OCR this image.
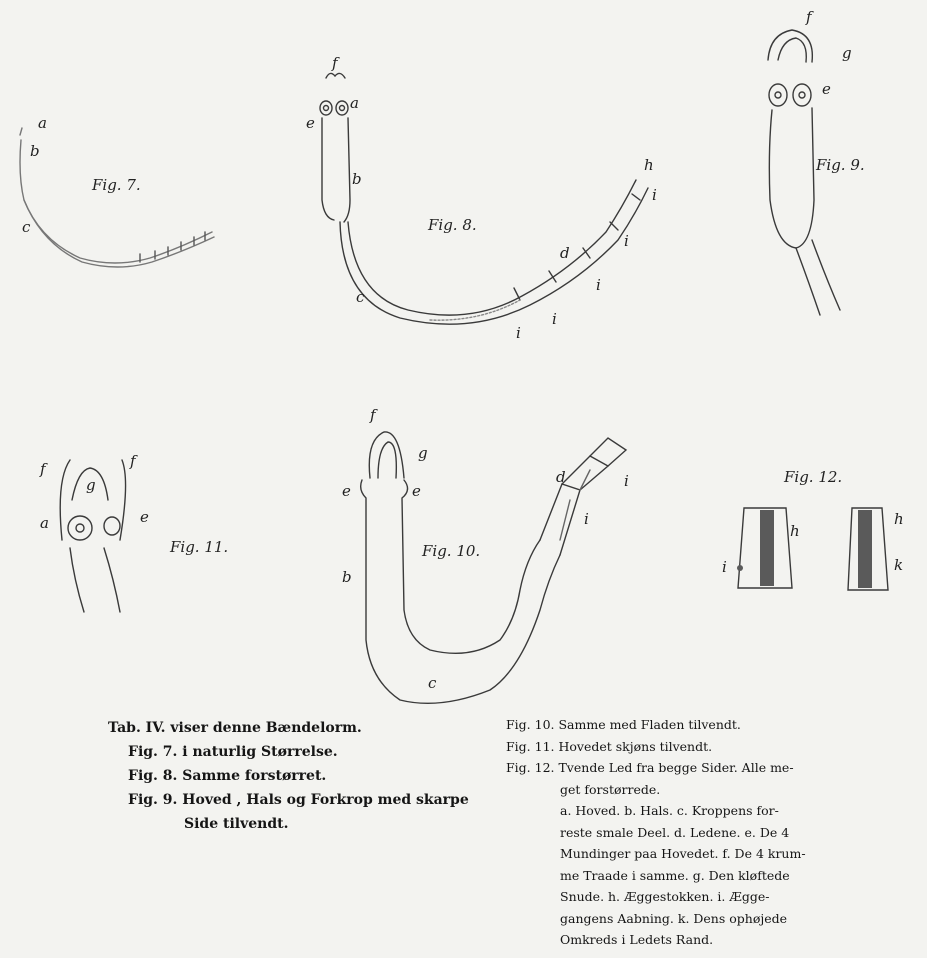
Fig. 7.
Fig. 8.
Fig. 9.
Fig. 10.
Fig. 11.
Fig. 12.
a
b
c
f
a
e
b
c
d
h
i
i
i
i
i
f
g
e
f
g
e	e
b
c
d	i
i
f	f
g
a	e
h
i
h
k
Tab. IV. viser denne Bændelorm.
Fig. 7. i naturlig Størrelse.
Fig. 8. Samme forstørret.
Fig. 9. Hoved , Hals og Forkrop med skarpe
Side tilvendt.
Fig. 10. Samme med Fladen tilvendt.
Fig. 11. Hovedet skjøns tilvendt.
Fig. 12. Tvende Led fra begge Sider. Alle me-
get forstørrede.
a. Hoved. b. Hals. c. Kroppens for-
reste smale Deel. d. Ledene. e. De 4
Mundinger paa Hovedet. f. De 4 krum-
me Traade i samme. g. Den kløftede
Snude. h. Æggestokken. i. Ægge-
gangens Aabning. k. Dens ophøjede
Omkreds i Ledets Rand.
